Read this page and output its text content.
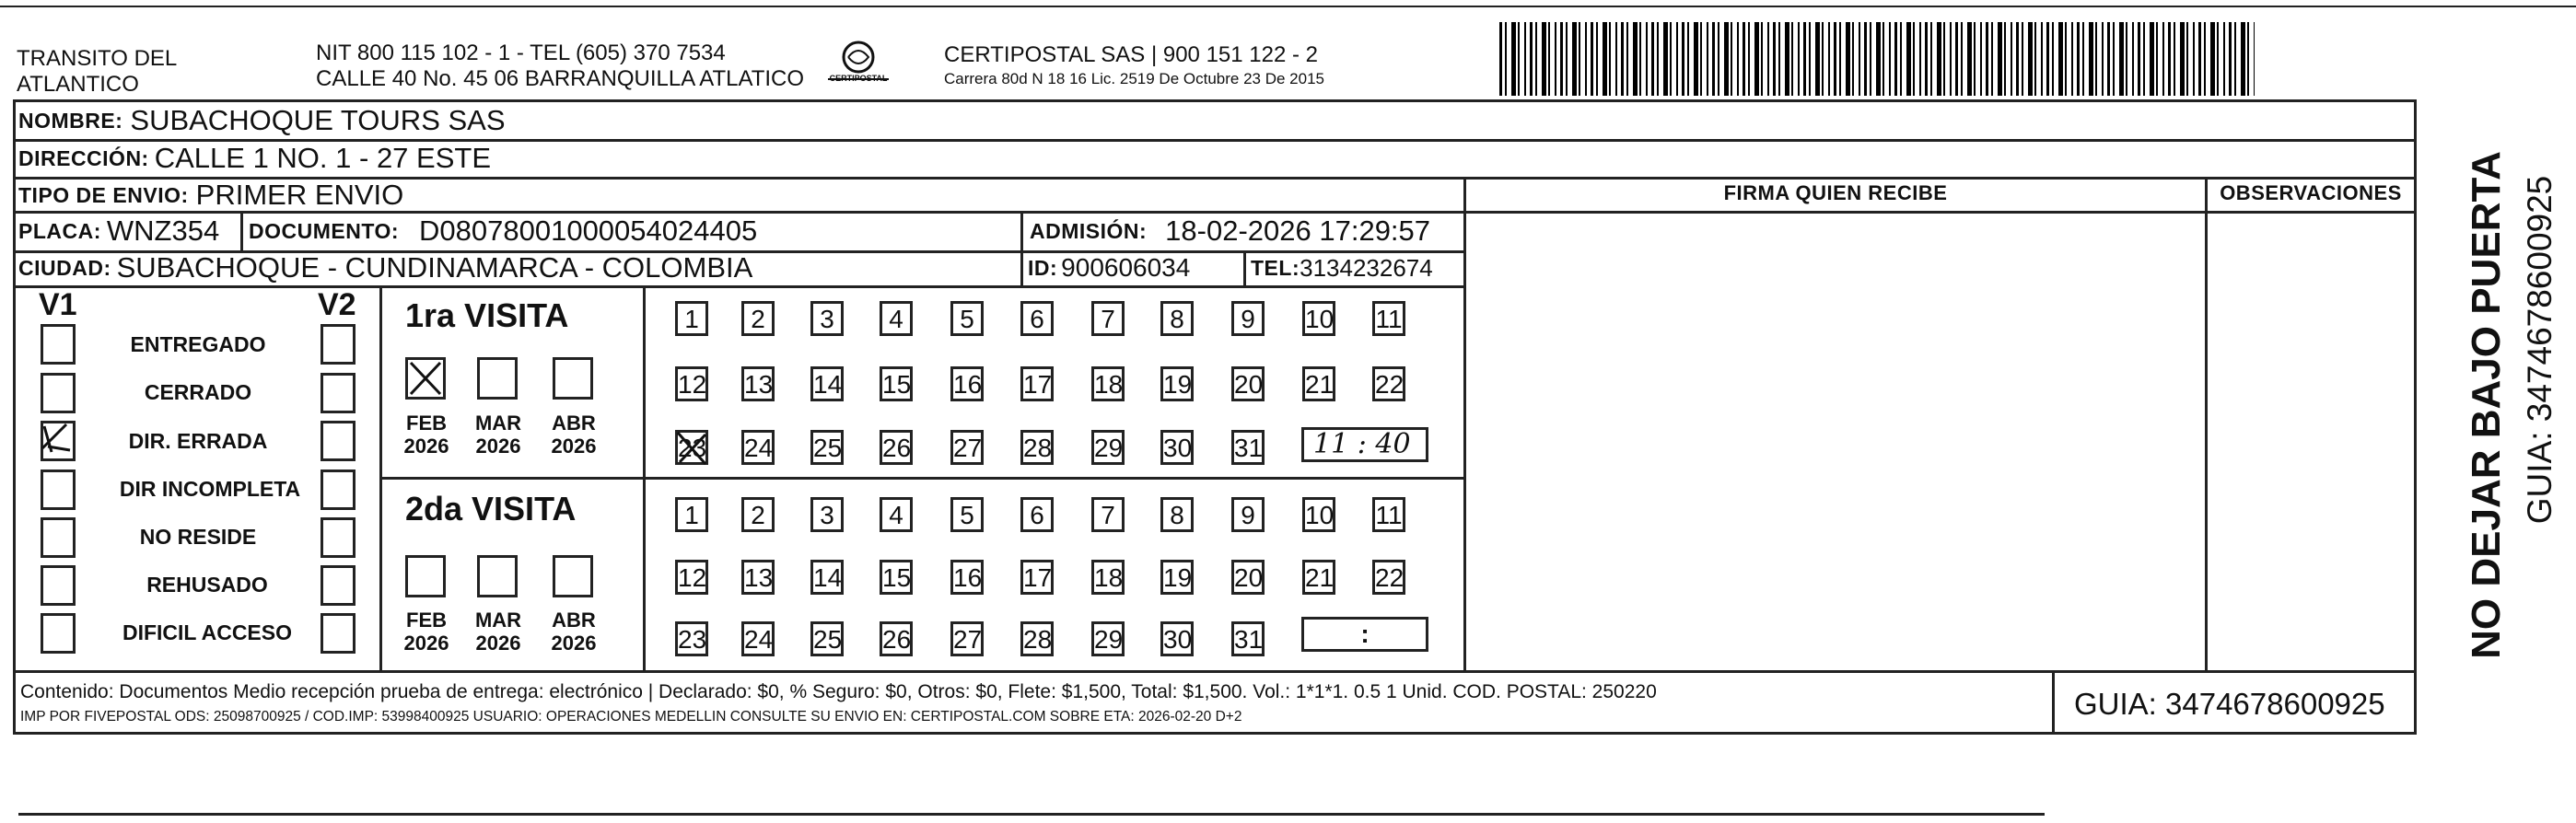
TRANSITO DEL
ATLANTICO
NIT 800 115 102 - 1 - TEL (605) 370 7534
CALLE 40 No. 45 06 BARRANQUILLA ATLATICO	CERTIPOSTAL
CERTIPOSTAL SAS | 900 151 122 - 2
Carrera 80d N 18 16 Lic. 2519 De Octubre 23 De 2015
NOMBRE: SUBACHOQUE TOURS SAS
DIRECCIÓN: CALLE 1 NO. 1 - 27 ESTE
TIPO DE ENVIO: PRIMER ENVIO	FIRMA QUIEN RECIBE	OBSERVACIONES
PLACA: WNZ354 DOCUMENTO: D08078001000054024405	ADMISIÓN: 18-02-2026 17:29:57
CIUDAD: SUBACHOQUE - CUNDINAMARCA - COLOMBIA	ID: 900606034	TEL: 3134232674
V1	V2
ENTREGADO
CERRADO
DIR. ERRADA
DIR INCOMPLETA
NO RESIDE
REHUSADO
DIFICIL ACCESO
1ra VISITA
FEB
2026
MAR
2026
ABR
2026
2da VISITA
FEB
2026
MAR
2026
ABR
2026
1	2	3	4	5	6	7	8	9	10 11
12 13 14 15 16 17 18 19 20 21 22
23 24 25 26 27 28 29 30 31
1	2	3	4	5	6	7	8	9	10 11
12 13 14 15 16 17 18 19 20 21 22
23 24 25 26 27 28 29 30 31
11 : 40
:
Contenido: Documentos Medio recepción prueba de entrega: electrónico | Declarado: $0, % Seguro: $0, Otros: $0, Flete: $1,500, Total: $1,500. Vol.: 1*1*1. 0.5 1 Unid. COD. POSTAL: 250220
IMP POR FIVEPOSTAL ODS: 25098700925 / COD.IMP: 53998400925 USUARIO: OPERACIONES MEDELLIN CONSULTE SU ENVIO EN: CERTIPOSTAL.COM SOBRE ETA: 2026-02-20 D+2	GUIA: 3474678600925
NO DEJAR BAJO PUERTA GUIA: 3474678600925
